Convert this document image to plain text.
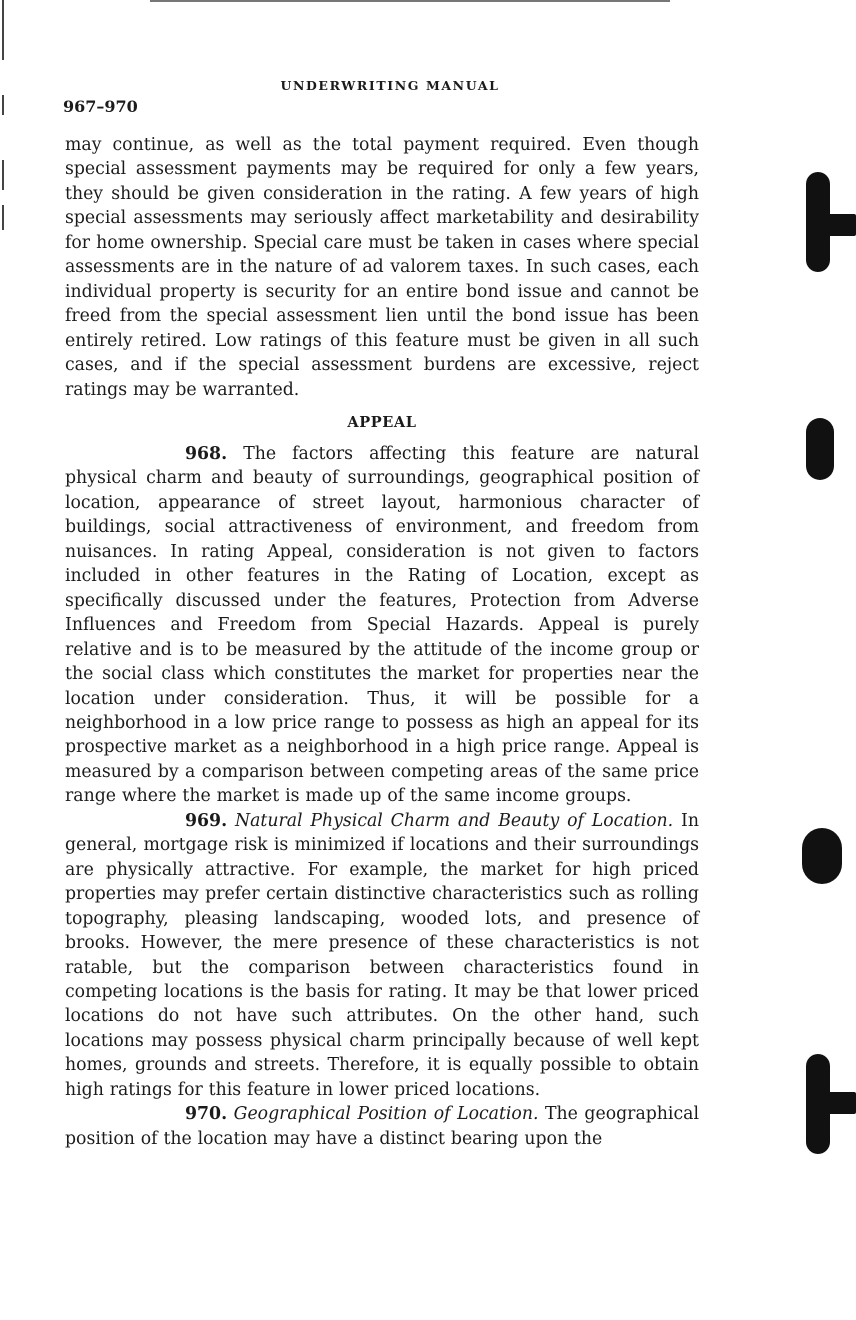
UNDERWRITING MANUAL
967–970

may continue, as well as the total payment required. Even though special assessment payments may be required for only a few years, they should be given consideration in the rating. A few years of high special assessments may seriously affect marketability and desirability for home ownership. Special care must be taken in cases where special assessments are in the nature of ad valorem taxes. In such cases, each individual property is security for an entire bond issue and cannot be freed from the special assessment lien until the bond issue has been entirely retired. Low ratings of this feature must be given in all such cases, and if the special assessment burdens are excessive, reject ratings may be warranted.

APPEAL

968. The factors affecting this feature are natural physical charm and beauty of surroundings, geographical position of location, appearance of street layout, harmonious character of buildings, social attractiveness of environment, and freedom from nuisances. In rating Appeal, consideration is not given to factors included in other features in the Rating of Location, except as specifically discussed under the features, Protection from Adverse Influences and Freedom from Special Hazards. Appeal is purely relative and is to be measured by the attitude of the income group or the social class which constitutes the market for properties near the location under consideration. Thus, it will be possible for a neighborhood in a low price range to possess as high an appeal for its prospective market as a neighborhood in a high price range. Appeal is measured by a comparison between competing areas of the same price range where the market is made up of the same income groups.

969. Natural Physical Charm and Beauty of Location. In general, mortgage risk is minimized if locations and their surroundings are physically attractive. For example, the market for high priced properties may prefer certain distinctive characteristics such as rolling topography, pleasing landscaping, wooded lots, and presence of brooks. However, the mere presence of these characteristics is not ratable, but the comparison between characteristics found in competing locations is the basis for rating. It may be that lower priced locations do not have such attributes. On the other hand, such locations may possess physical charm principally because of well kept homes, grounds and streets. Therefore, it is equally possible to obtain high ratings for this feature in lower priced locations.

970. Geographical Position of Location. The geographical position of the location may have a distinct bearing upon the
